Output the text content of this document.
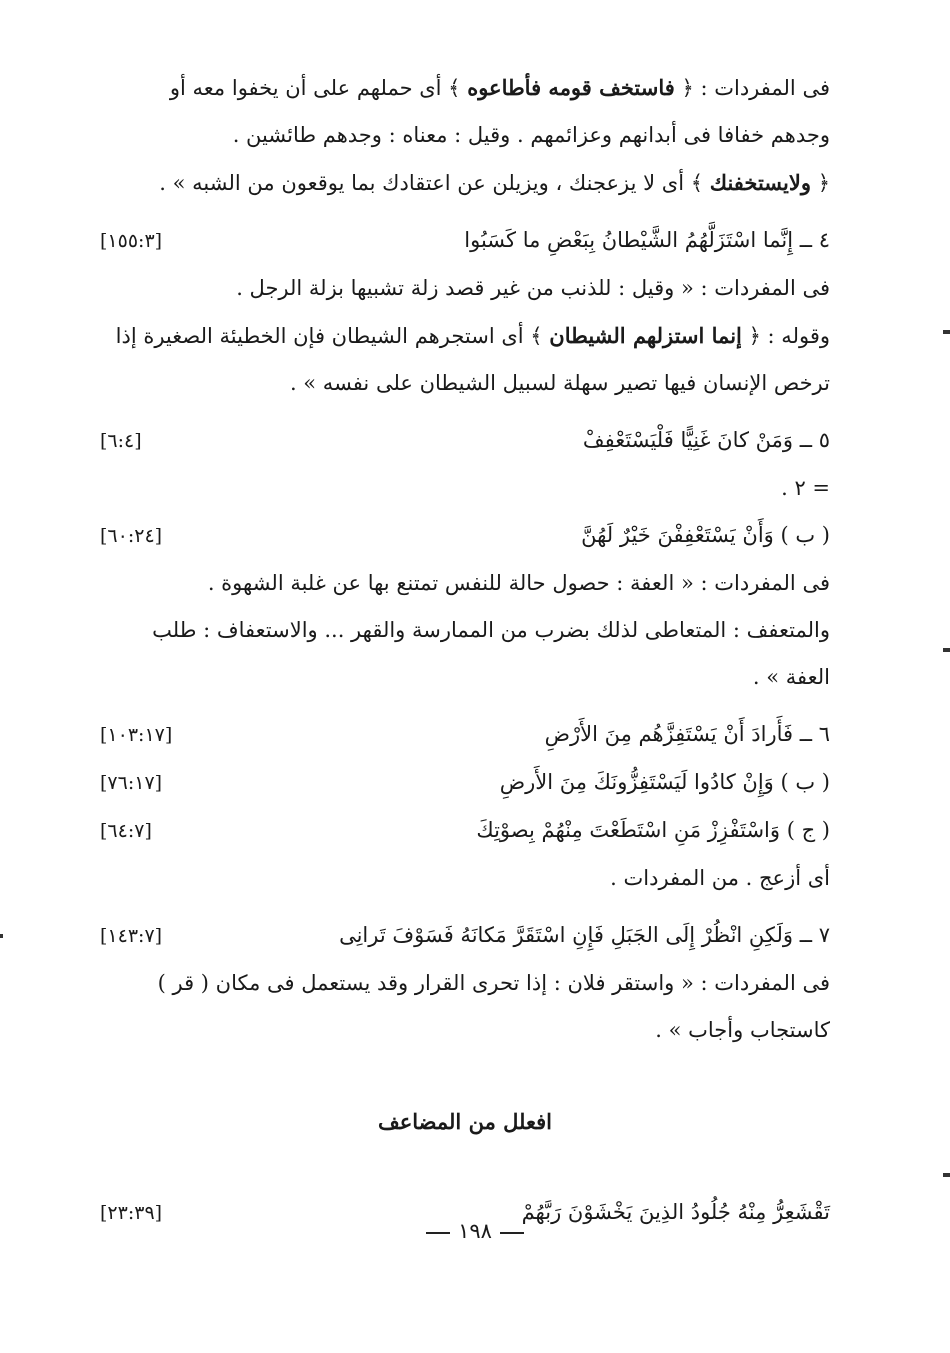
فى المفردات : ﴿ فاستخف قومه فأطاعوه ﴾ أى حملهم على أن يخفوا معه أو
وجدهم خفافا فى أبدانهم وعزائمهم . وقيل : معناه : وجدهم طائشين .
﴿ ولايستخفنك ﴾ أى لا يزعجنك ، ويزيلن عن اعتقادك بما يوقعون من الشبه » .
٤ ــ إِنَّما اسْتَزَلَّهُمُ الشَّيْطانُ بِبَعْضِ ما كَسَبُوا
[١٥٥:٣]
فى المفردات : « وقيل : للذنب من غير قصد زلة تشبيها بزلة الرجل .
وقوله : ﴿ إنما استزلهم الشيطان ﴾ أى استجرهم الشيطان فإن الخطيئة الصغيرة إذا
ترخص الإنسان فيها تصير سهلة لسبيل الشيطان على نفسه » .
٥ ــ وَمَنْ كانَ غَنِيًّا فَلْيَسْتَعْفِفْ
[٦:٤]
= ٢ .
( ب ) وَأَنْ يَسْتَعْفِفْنَ خَيْرٌ لَهُنَّ
[٦٠:٢٤]
فى المفردات : « العفة : حصول حالة للنفس تمتنع بها عن غلبة الشهوة .
والمتعفف : المتعاطى لذلك بضرب من الممارسة والقهر ... والاستعفاف : طلب
العفة » .
٦ ــ فَأَرادَ أَنْ يَسْتَفِزَّهُم مِنَ الأَرْضِ
[١٠٣:١٧]
( ب ) وَإِنْ كادُوا لَيَسْتَفِزُّونَكَ مِنَ الأَرضِ
[٧٦:١٧]
( ج ) وَاسْتَفْزِزْ مَنِ اسْتَطَعْتَ مِنْهُمْ بِصوْتِكَ
[٦٤:٧]
أى أزعج . من المفردات .
٧ ــ وَلَكِنِ انْظُرْ إِلَى الجَبَلِ فَإِنِ اسْتَقَرَّ مَكانَهُ فَسَوْفَ تَرانِى
[١٤٣:٧]
فى المفردات : « واستقر فلان : إذا تحرى القرار وقد يستعمل فى مكان ( قر )
كاستجاب وأجاب » .
افعلل من المضاعف
تَقْشَعِرُّ مِنْهُ جُلُودُ الذِينَ يَخْشَوْنَ رَبَّهُمْ
[٢٣:٣٩]
١٩٨
